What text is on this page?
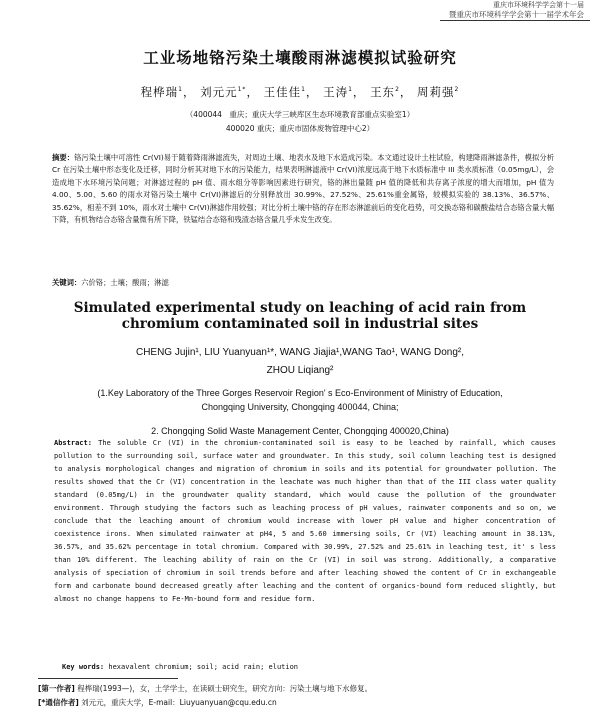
重庆市环境科学学会第十一届
暨重庆市环境科学学会第十一届学术年会
工业场地铬污染土壤酸雨淋滤模拟试验研究
程桦瑞$^1$， 刘元元$^{1*}$， 王佳佳$^1$， 王涛$^1$， 王东$^2$， 周莉强$^2$
（400044　重庆；重庆大学三峡库区生态环境教育部重点实验室1）
400020 重庆；重庆市固体废物管理中心2）
摘要：铬污染土壤中可溶性 Cr(VI)易于随着降雨淋滤流失，对周边土壤、地表水及地下水造成污染。本文通过设计土柱试验，构建降雨淋滤条件，模拟分析 Cr 在污染土壤中形态变化及迁移，同时分析其对地下水的污染能力，结果表明淋滤液中 Cr(VI)浓度远高于地下水质标准中 III 类水质标准（0.05mg/L），会造成地下水环境污染问题；对淋滤过程的 pH 值、雨水组分等影响因素进行研究，铬的淋出量随 pH 值的降低和共存离子浓度的增大而增加，pH 值为 4.00、5.00、5.60 的雨水对铬污染土壤中 Cr(VI)淋滤后的分别释放出 30.99%、27.52%、25.61%重金属铬，较模拟实验的 38.13%、36.57%、35.62%，相差不到 10%，雨水对土壤中 Cr(VI)淋滤作用较强；对比分析土壤中铬的存在形态淋滤前后的变化趋势，可交换态铬和碳酸盐结合态铬含量大幅下降，有机物结合态铬含量微有所下降，铁锰结合态铬和残渣态铬含量几乎未发生改变。
关键词：六价铬；土壤；酸雨；淋滤
Simulated experimental study on leaching of acid rain from
chromium contaminated soil in industrial sites
CHENG Jujin¹, LIU Yuanyuan¹*, WANG Jiajia¹,WANG Tao¹, WANG Dong²,
ZHOU Liqiang²
(1.Key Laboratory of the Three Gorges Reservoir Region' s Eco-Environment of Ministry of Education,
Chongqing University, Chongqing 400044, China;
2. Chongqing Solid Waste Management Center, Chongqing 400020,China)
Abstract: The soluble Cr (VI) in the chromium-contaminated soil is easy to be leached by rainfall, which causes pollution to the surrounding soil, surface water and groundwater. In this study, soil column leaching test is designed to analysis morphological changes and migration of chromium in soils and its potential for groundwater pollution. The results showed that the Cr (VI) concentration in the leachate was much higher than that of the III class water quality standard (0.05mg/L) in the groundwater quality standard, which would cause the pollution of the groundwater environment. Through studying the factors such as leaching process of pH values, rainwater components and so on, we conclude that the leaching amount of chromium would increase with lower pH value and higher concentration of coexistence irons. When simulated rainwater at pH4, 5 and 5.60 immersing soils, Cr (VI) leaching amount in 38.13%, 36.57%, and 35.62% percentage in total chromium. Compared with 30.99%, 27.52% and 25.61% in leaching test, it' s less than 10% different. The leaching ability of rain on the Cr (VI) in soil was strong. Additionally, a comparative analysis of speciation of chromium in soil trends before and after leaching showed the content of Cr in exchangeable form and carbonate bound decreased greatly after leaching and the content of organics-bound form reduced slightly, but almost no change happens to Fe-Mn-bound form and residue form.
Key words: hexavalent chromium; soil; acid rain; elution
[第一作者] 程桦瑞(1993—)，女，土学学士，在读硕士研究生，研究方向：污染土壤与地下水修复。
[*通信作者] 刘元元，重庆大学，E-mail：Liuyuanyuan@cqu.edu.cn
